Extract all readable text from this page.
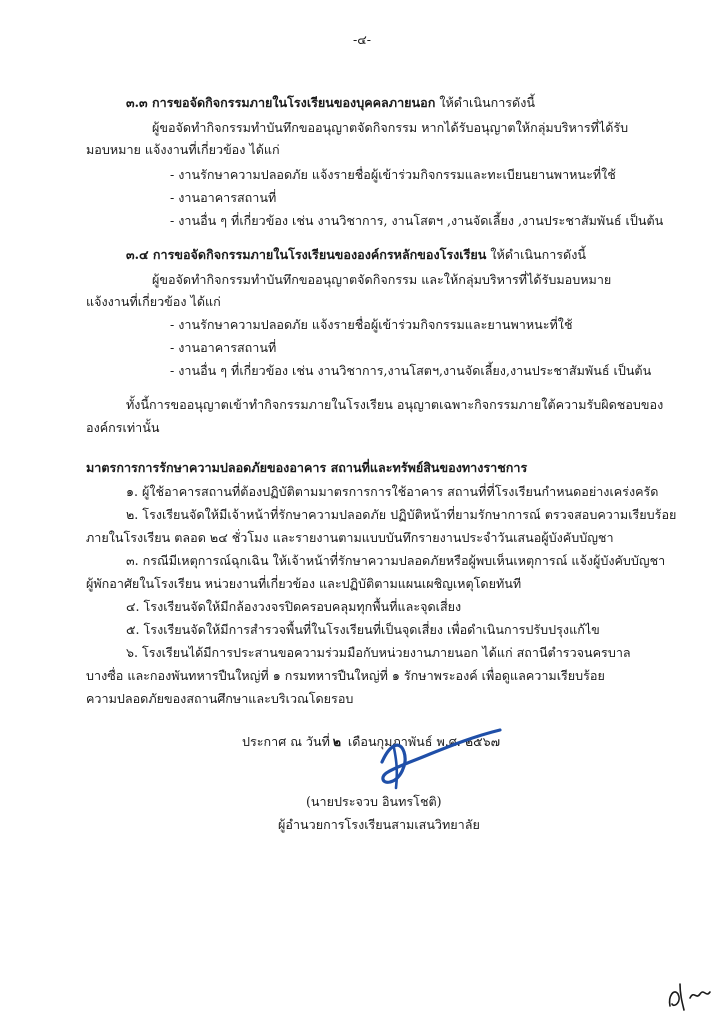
-๔-
๓.๓ การขอจัดกิจกรรมภายในโรงเรียนของบุคคลภายนอก ให้ดำเนินการดังนี้
ผู้ขอจัดทำกิจกรรมทำบันทึกขออนุญาตจัดกิจกรรม หากได้รับอนุญาตให้กลุ่มบริหารที่ได้รับ
มอบหมาย แจ้งงานที่เกี่ยวข้อง ได้แก่
- งานรักษาความปลอดภัย แจ้งรายชื่อผู้เข้าร่วมกิจกรรมและทะเบียนยานพาหนะที่ใช้
- งานอาคารสถานที่
- งานอื่น ๆ ที่เกี่ยวข้อง เช่น งานวิชาการ, งานโสตฯ ,งานจัดเลี้ยง ,งานประชาสัมพันธ์ เป็นต้น
๓.๔ การขอจัดกิจกรรมภายในโรงเรียนขององค์กรหลักของโรงเรียน ให้ดำเนินการดังนี้
ผู้ขอจัดทำกิจกรรมทำบันทึกขออนุญาตจัดกิจกรรม และให้กลุ่มบริหารที่ได้รับมอบหมาย
แจ้งงานที่เกี่ยวข้อง ได้แก่
- งานรักษาความปลอดภัย แจ้งรายชื่อผู้เข้าร่วมกิจกรรมและยานพาหนะที่ใช้
- งานอาคารสถานที่
- งานอื่น ๆ ที่เกี่ยวข้อง เช่น งานวิชาการ,งานโสตฯ,งานจัดเลี้ยง,งานประชาสัมพันธ์ เป็นต้น
ทั้งนี้การขออนุญาตเข้าทำกิจกรรมภายในโรงเรียน อนุญาตเฉพาะกิจกรรมภายใต้ความรับผิดชอบของ
องค์กรเท่านั้น
มาตรการการรักษาความปลอดภัยของอาคาร สถานที่และทรัพย์สินของทางราชการ
๑. ผู้ใช้อาคารสถานที่ต้องปฏิบัติตามมาตรการการใช้อาคาร สถานที่ที่โรงเรียนกำหนดอย่างเคร่งครัด
๒. โรงเรียนจัดให้มีเจ้าหน้าที่รักษาความปลอดภัย ปฏิบัติหน้าที่ยามรักษาการณ์ ตรวจสอบความเรียบร้อย
ภายในโรงเรียน ตลอด ๒๔ ชั่วโมง และรายงานตามแบบบันทึกรายงานประจำวันเสนอผู้บังคับบัญชา
๓. กรณีมีเหตุการณ์ฉุกเฉิน ให้เจ้าหน้าที่รักษาความปลอดภัยหรือผู้พบเห็นเหตุการณ์ แจ้งผู้บังคับบัญชา
ผู้พักอาศัยในโรงเรียน หน่วยงานที่เกี่ยวข้อง และปฏิบัติตามแผนเผชิญเหตุโดยทันที
๔. โรงเรียนจัดให้มีกล้องวงจรปิดครอบคลุมทุกพื้นที่และจุดเสี่ยง
๕. โรงเรียนจัดให้มีการสำรวจพื้นที่ในโรงเรียนที่เป็นจุดเสี่ยง เพื่อดำเนินการปรับปรุงแก้ไข
๖. โรงเรียนได้มีการประสานขอความร่วมมือกับหน่วยงานภายนอก ได้แก่ สถานีตำรวจนครบาล
บางซื่อ และกองพันทหารปืนใหญ่ที่ ๑ กรมทหารปืนใหญ่ที่ ๑ รักษาพระองค์ เพื่อดูแลความเรียบร้อย
ความปลอดภัยของสถานศึกษาและบริเวณโดยรอบ
ประกาศ ณ วันที่ ๒ เดือนกุมภาพันธ์ พ.ศ. ๒๕๖๗
(นายประจวบ อินทรโชติ)
ผู้อำนวยการโรงเรียนสามเสนวิทยาลัย
